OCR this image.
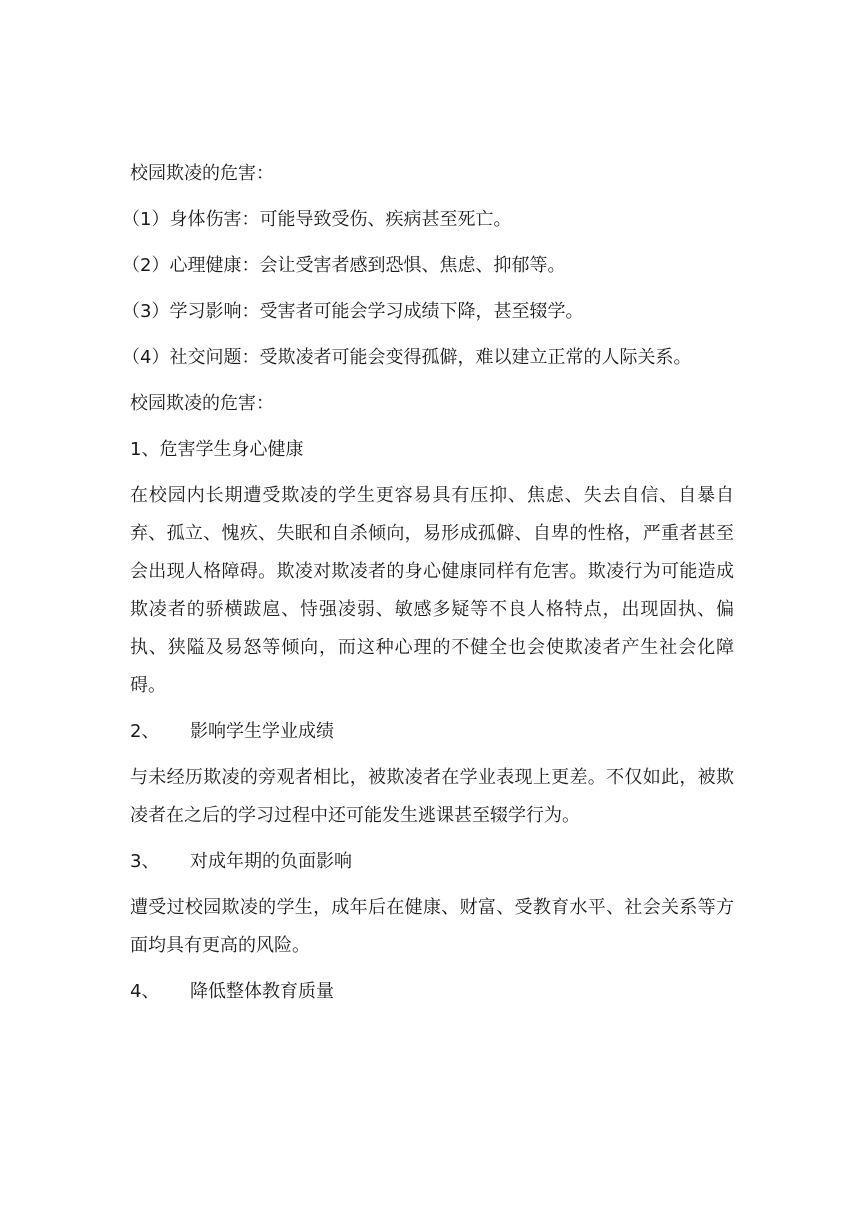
校园欺凌的危害：
（1）身体伤害：可能导致受伤、疾病甚至死亡。
（2）心理健康：会让受害者感到恐惧、焦虑、抑郁等。
（3）学习影响：受害者可能会学习成绩下降，甚至辍学。
（4）社交问题：受欺凌者可能会变得孤僻，难以建立正常的人际关系。
校园欺凌的危害：
1、危害学生身心健康
在校园内长期遭受欺凌的学生更容易具有压抑、焦虑、失去自信、自暴自弃、孤立、愧疚、失眠和自杀倾向，易形成孤僻、自卑的性格，严重者甚至会出现人格障碍。欺凌对欺凌者的身心健康同样有危害。欺凌行为可能造成欺凌者的骄横跋扈、恃强凌弱、敏感多疑等不良人格特点，出现固执、偏执、狭隘及易怒等倾向，而这种心理的不健全也会使欺凌者产生社会化障碍。
2、 影响学生学业成绩
与未经历欺凌的旁观者相比，被欺凌者在学业表现上更差。不仅如此，被欺凌者在之后的学习过程中还可能发生逃课甚至辍学行为。
3、 对成年期的负面影响
遭受过校园欺凌的学生，成年后在健康、财富、受教育水平、社会关系等方面均具有更高的风险。
4、 降低整体教育质量
